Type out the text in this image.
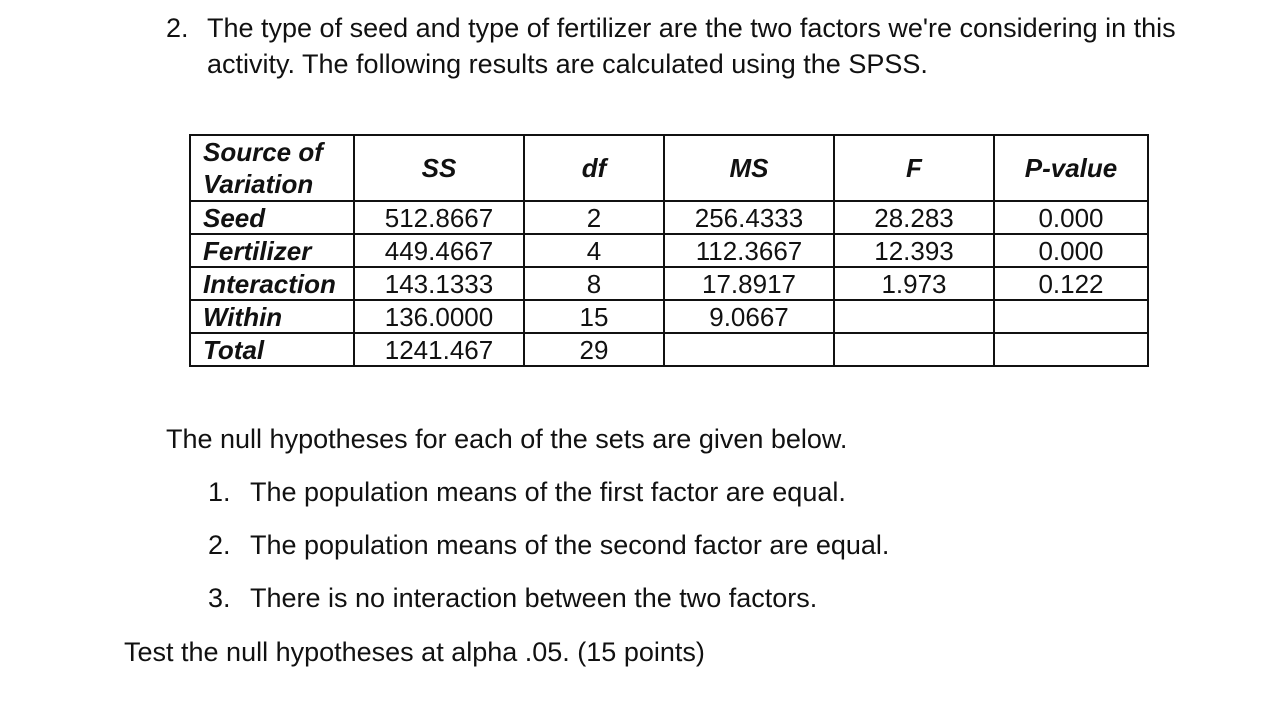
2. The type of seed and type of fertilizer are the two factors we're considering in this activity. The following results are calculated using the SPSS.
Source of Variation	SS	df	MS	F	P-value
Seed	512.8667	2	256.4333	28.283	0.000
Fertilizer	449.4667	4	112.3667	12.393	0.000
Interaction	143.1333	8	17.8917	1.973	0.122
Within	136.0000	15	9.0667		
Total	1241.467	29			
The null hypotheses for each of the sets are given below.
1. The population means of the first factor are equal.
2. The population means of the second factor are equal.
3. There is no interaction between the two factors.
Test the null hypotheses at alpha .05. (15 points)
